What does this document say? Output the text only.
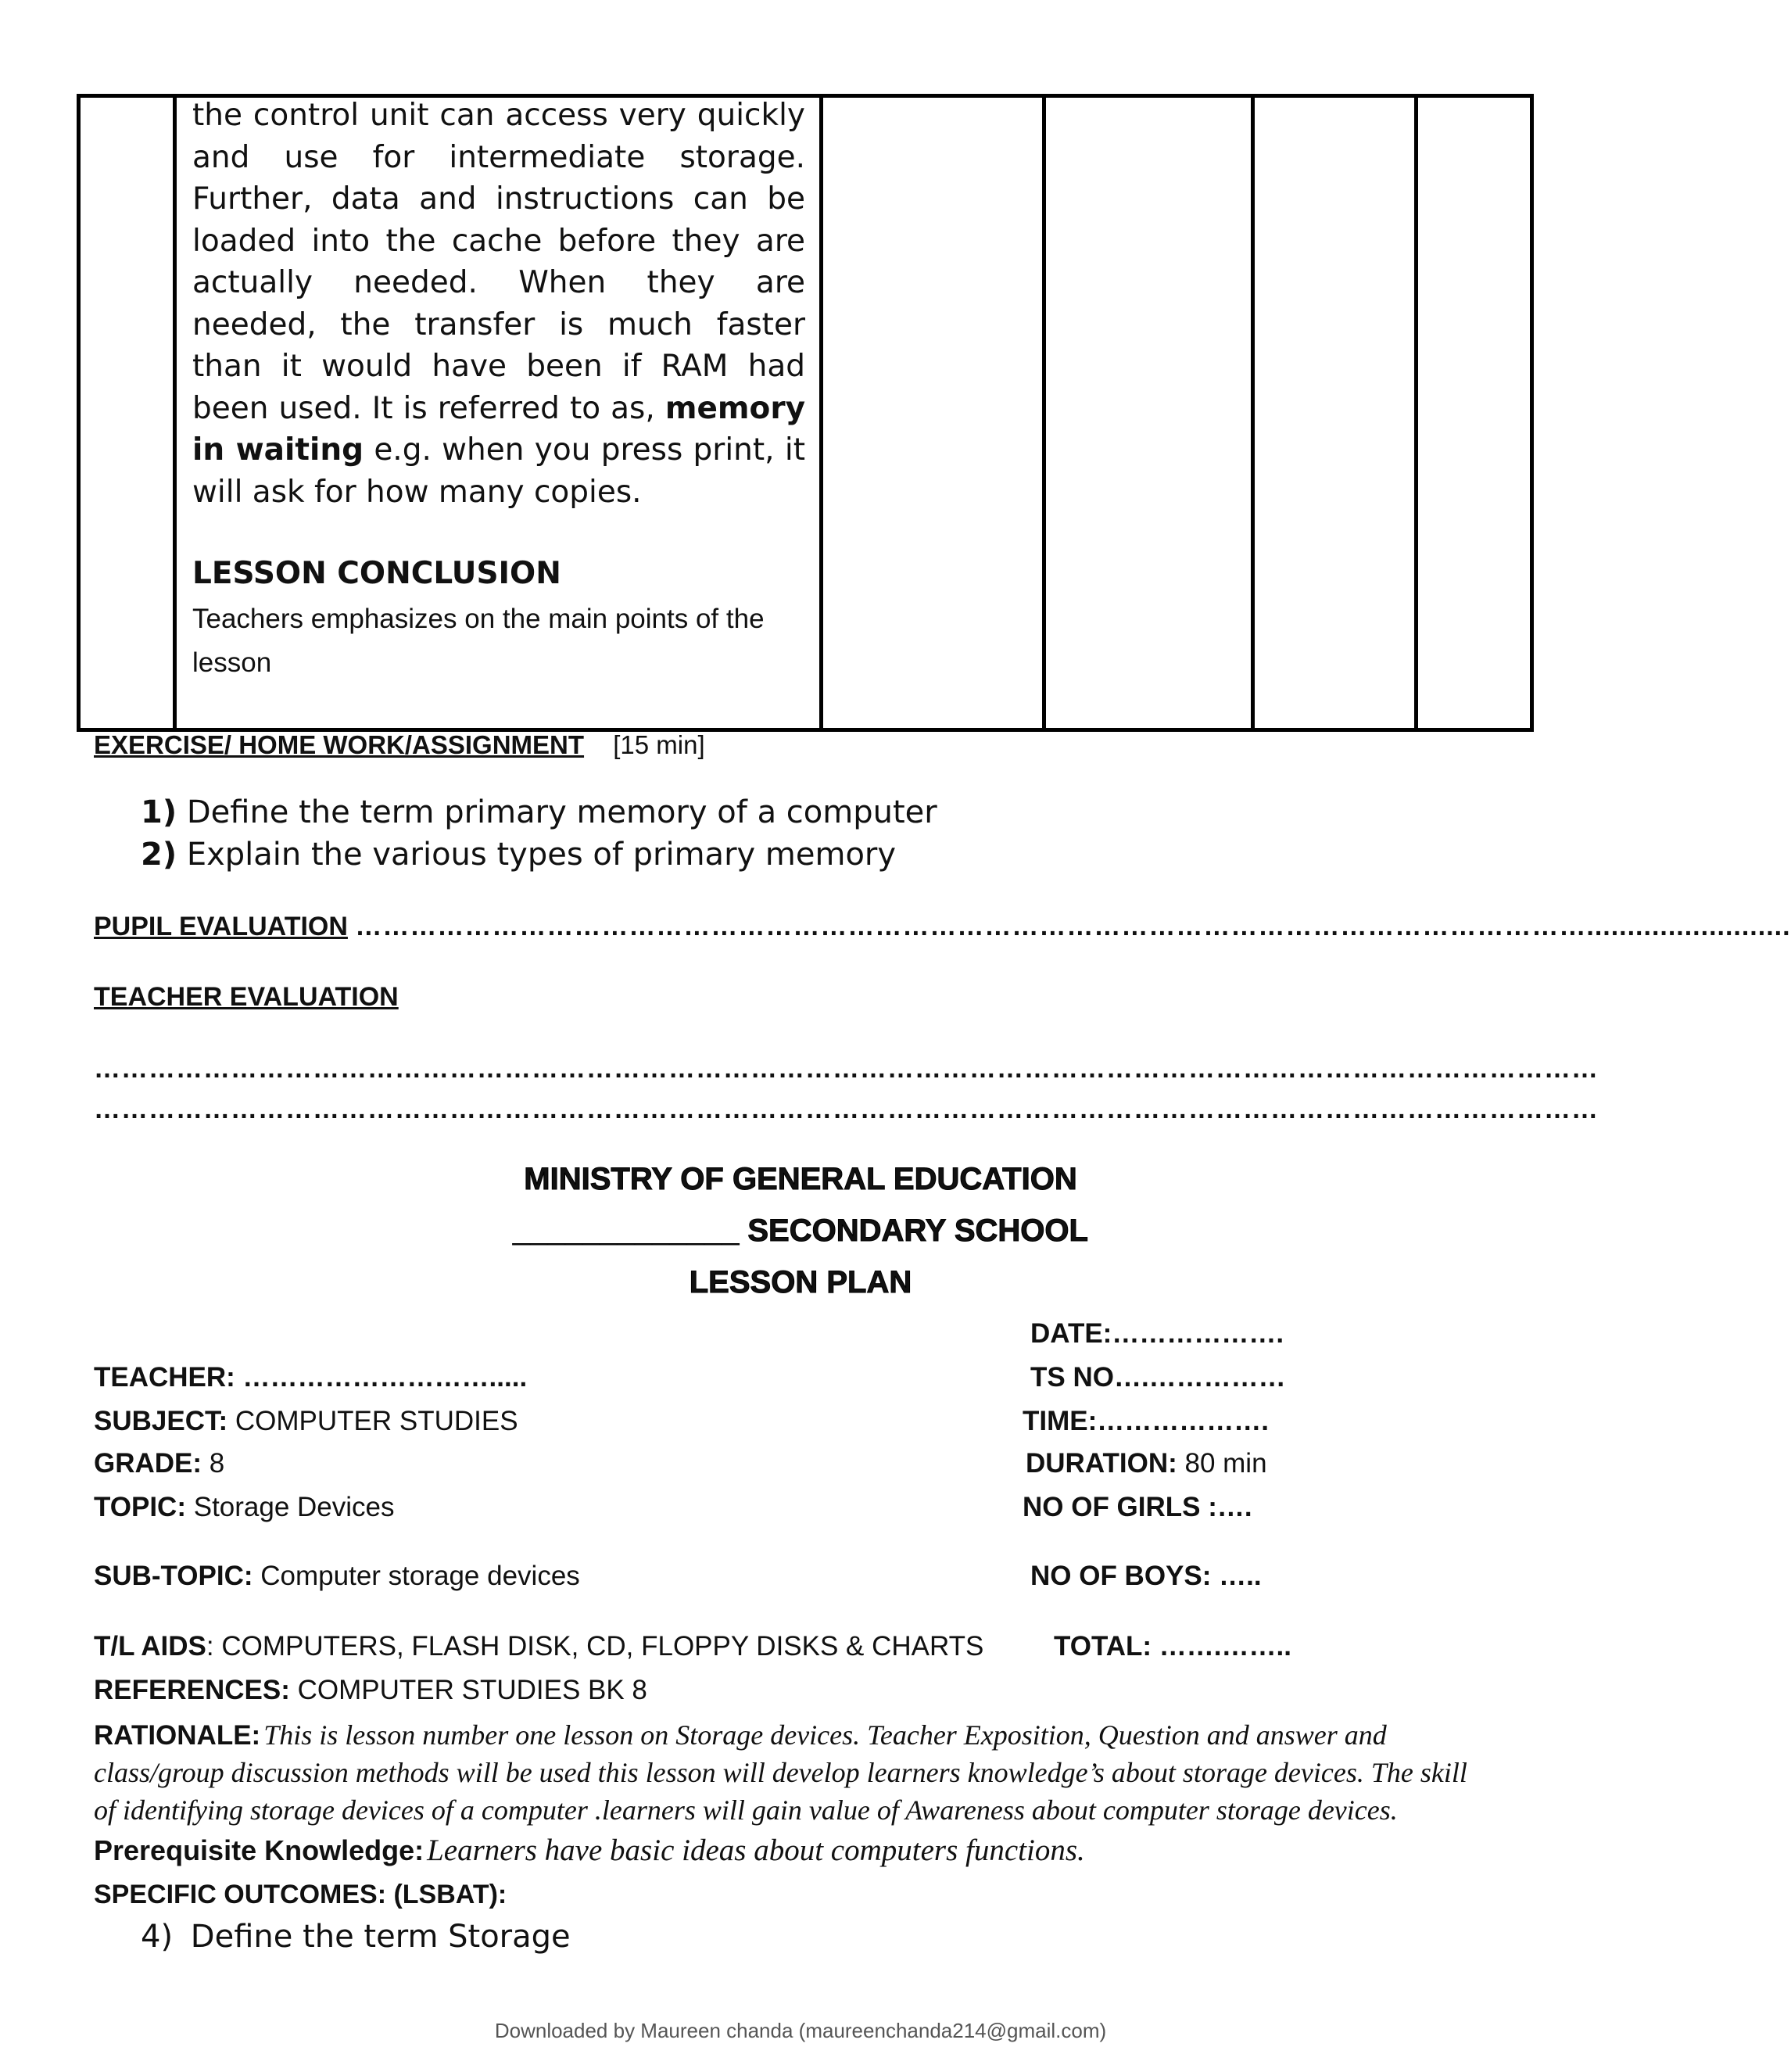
the control unit can access very quickly and use for intermediate storage. Further, data and instructions can be loaded into the cache before they are actually needed. When they are needed, the transfer is much faster than it would have been if RAM had been used. It is referred to as, memory in waiting e.g. when you press print, it will ask for how many copies.

LESSON CONCLUSION
Teachers emphasizes on the main points of the lesson

EXERCISE/ HOME WORK/ASSIGNMENT [15 min]
1) Define the term primary memory of a computer
2) Explain the various types of primary memory
PUPIL EVALUATION ……………………………………………………………………………………………………………………….........................
TEACHER EVALUATION
…………………………………………………………………………………………………………………………………………………
…………………………………………………………………………………………………………………………………………………
MINISTRY OF GENERAL EDUCATION
_____________ SECONDARY SCHOOL
LESSON PLAN
DATE:……………….
TS NO….……………
TIME:……………….
DURATION: 80 min
NO OF GIRLS :….
NO OF BOYS: …..
TOTAL: …….……..
TEACHER: ……………………….....
SUBJECT: COMPUTER STUDIES
GRADE: 8
TOPIC: Storage Devices
SUB-TOPIC: Computer storage devices
T/L AIDS: COMPUTERS, FLASH DISK, CD, FLOPPY DISKS & CHARTS
REFERENCES: COMPUTER STUDIES BK 8
RATIONALE: This is lesson number one lesson on Storage devices. Teacher Exposition, Question and answer and
class/group discussion methods will be used this lesson will develop learners knowledge’s about storage devices. The skill
of identifying storage devices of a computer .learners will gain value of Awareness about computer storage devices.
Prerequisite Knowledge: Learners have basic ideas about computers functions.
SPECIFIC OUTCOMES: (LSBAT):
4) Define the term Storage
Downloaded by Maureen chanda (maureenchanda214@gmail.com)
